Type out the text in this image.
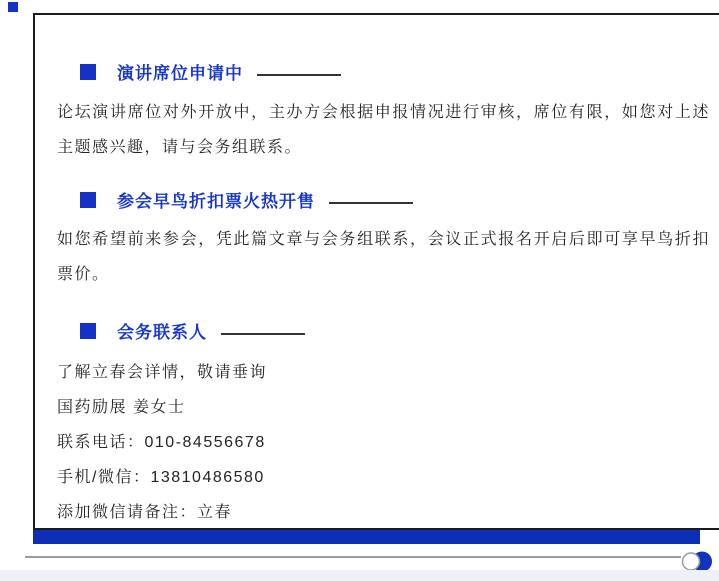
演讲席位申请中

论坛演讲席位对外开放中，主办方会根据申报情况进行审核，席位有限，如您对上述主题感兴趣，请与会务组联系。

参会早鸟折扣票火热开售

如您希望前来参会，凭此篇文章与会务组联系，会议正式报名开启后即可享早鸟折扣票价。

会务联系人
了解立春会详情，敬请垂询
国药励展 姜女士
联系电话：010-84556678
手机/微信：13810486580
添加微信请备注：立春
